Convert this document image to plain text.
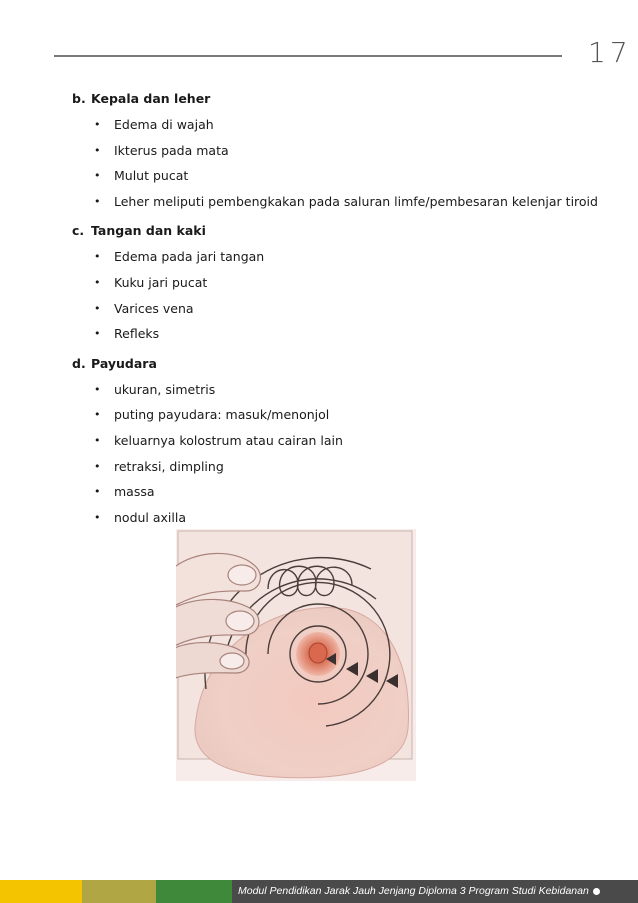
17
b. Kepala dan leher
• Edema di wajah
• Ikterus pada mata
• Mulut pucat
• Leher meliputi pembengkakan pada saluran limfe/pembesaran kelenjar tiroid
c. Tangan dan kaki
• Edema pada jari tangan
• Kuku jari pucat
• Varices vena
• Refleks
d. Payudara
• ukuran, simetris
• puting payudara: masuk/menonjol
• keluarnya kolostrum atau cairan lain
• retraksi, dimpling
• massa
• nodul axilla
Modul Pendidikan Jarak Jauh Jenjang Diploma 3 Program Studi Kebidanan
